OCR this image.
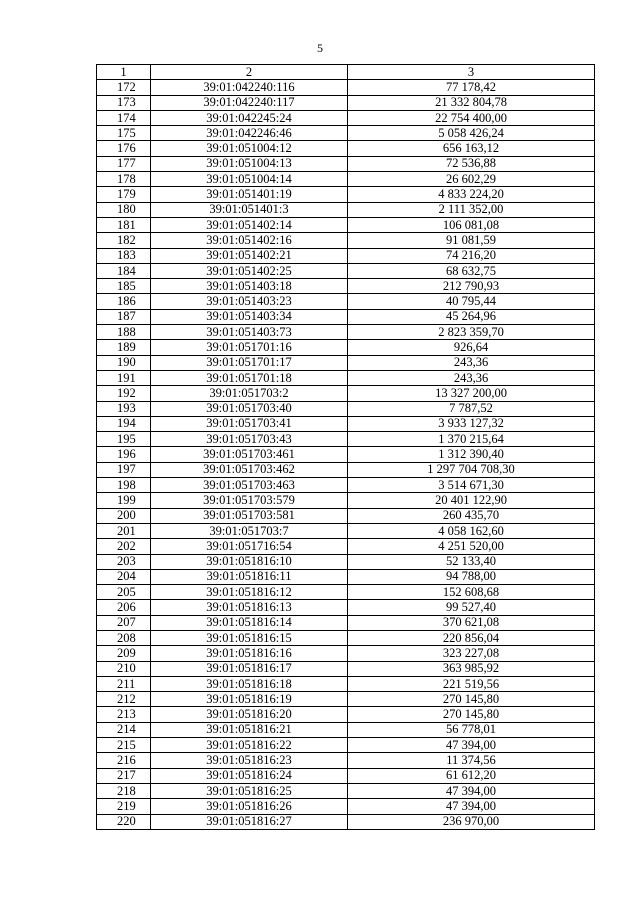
5
1	2	3
172	39:01:042240:116	77 178,42
173	39:01:042240:117	21 332 804,78
174	39:01:042245:24	22 754 400,00
175	39:01:042246:46	5 058 426,24
176	39:01:051004:12	656 163,12
177	39:01:051004:13	72 536,88
178	39:01:051004:14	26 602,29
179	39:01:051401:19	4 833 224,20
180	39:01:051401:3	2 111 352,00
181	39:01:051402:14	106 081,08
182	39:01:051402:16	91 081,59
183	39:01:051402:21	74 216,20
184	39:01:051402:25	68 632,75
185	39:01:051403:18	212 790,93
186	39:01:051403:23	40 795,44
187	39:01:051403:34	45 264,96
188	39:01:051403:73	2 823 359,70
189	39:01:051701:16	926,64
190	39:01:051701:17	243,36
191	39:01:051701:18	243,36
192	39:01:051703:2	13 327 200,00
193	39:01:051703:40	7 787,52
194	39:01:051703:41	3 933 127,32
195	39:01:051703:43	1 370 215,64
196	39:01:051703:461	1 312 390,40
197	39:01:051703:462	1 297 704 708,30
198	39:01:051703:463	3 514 671,30
199	39:01:051703:579	20 401 122,90
200	39:01:051703:581	260 435,70
201	39:01:051703:7	4 058 162,60
202	39:01:051716:54	4 251 520,00
203	39:01:051816:10	52 133,40
204	39:01:051816:11	94 788,00
205	39:01:051816:12	152 608,68
206	39:01:051816:13	99 527,40
207	39:01:051816:14	370 621,08
208	39:01:051816:15	220 856,04
209	39:01:051816:16	323 227,08
210	39:01:051816:17	363 985,92
211	39:01:051816:18	221 519,56
212	39:01:051816:19	270 145,80
213	39:01:051816:20	270 145,80
214	39:01:051816:21	56 778,01
215	39:01:051816:22	47 394,00
216	39:01:051816:23	11 374,56
217	39:01:051816:24	61 612,20
218	39:01:051816:25	47 394,00
219	39:01:051816:26	47 394,00
220	39:01:051816:27	236 970,00
